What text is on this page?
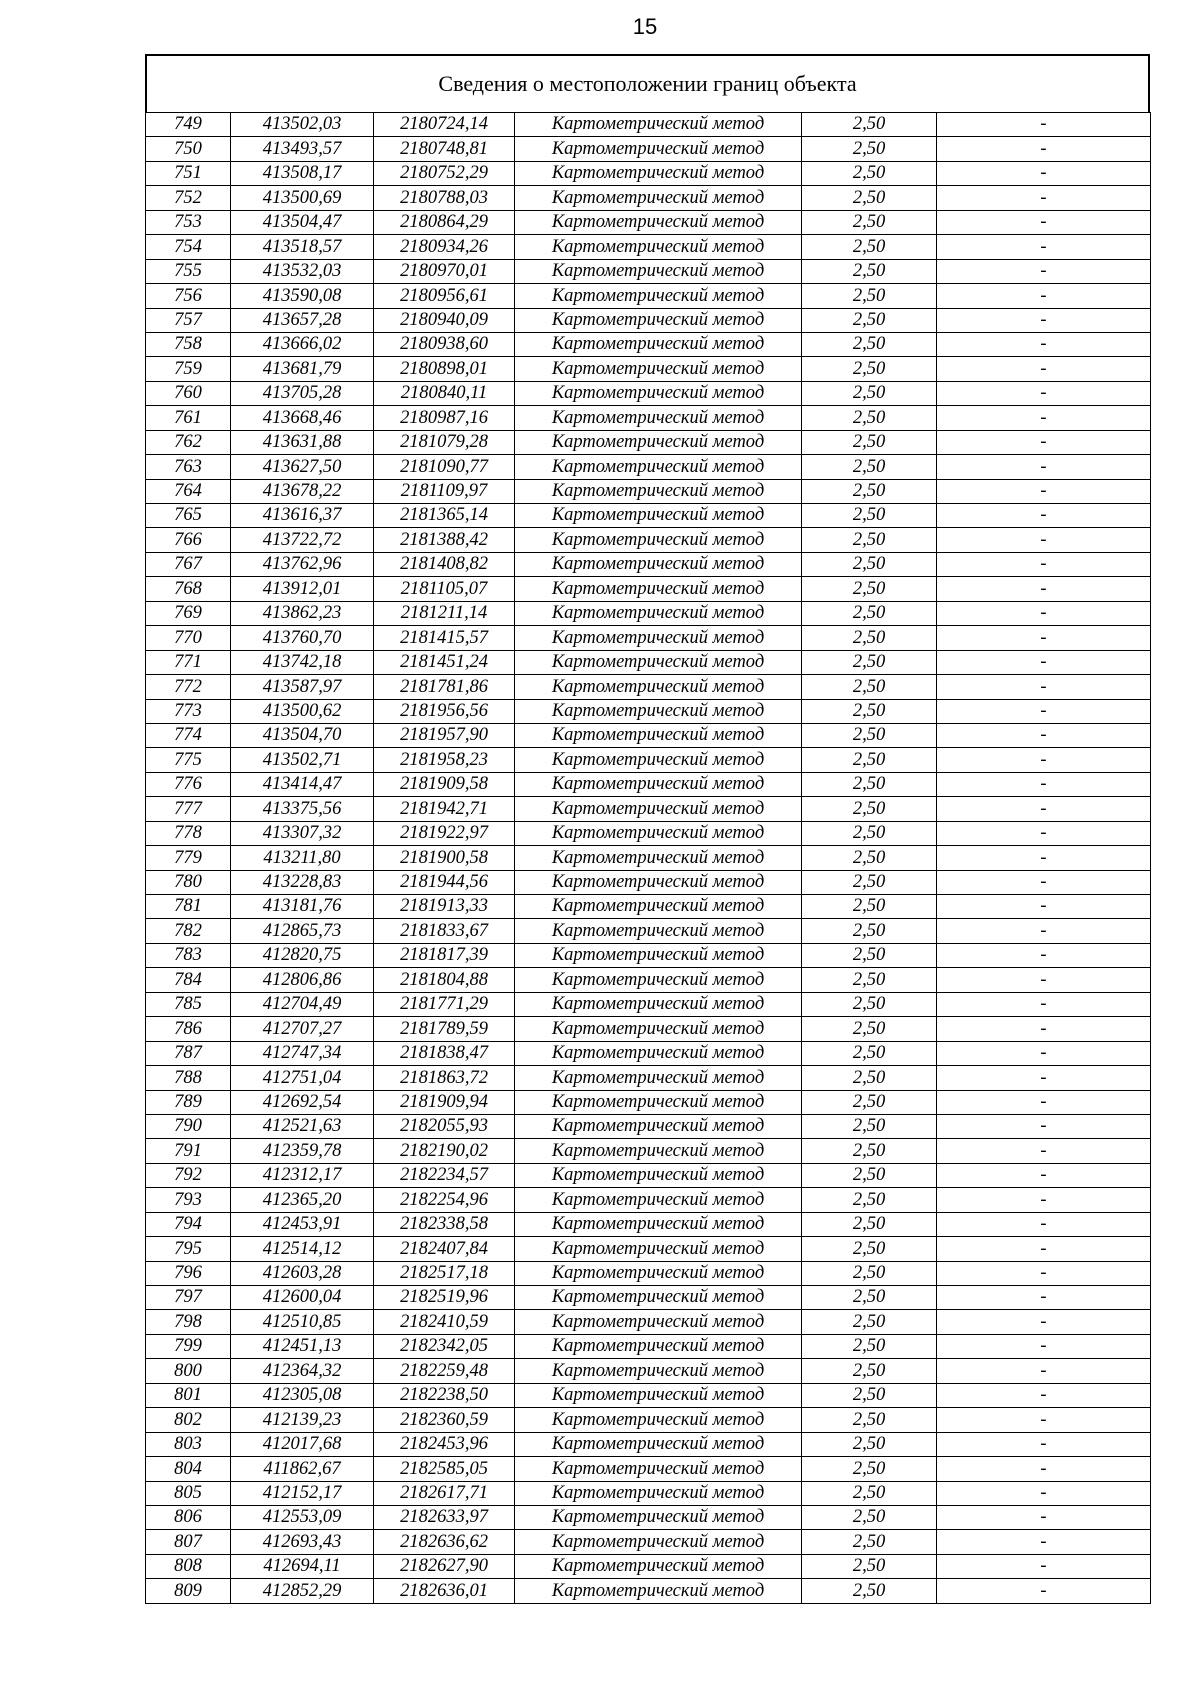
15
Сведения о местоположении границ объекта
749	413502,03	2180724,14	Картометрический метод	2,50	-
750	413493,57	2180748,81	Картометрический метод	2,50	-
751	413508,17	2180752,29	Картометрический метод	2,50	-
752	413500,69	2180788,03	Картометрический метод	2,50	-
753	413504,47	2180864,29	Картометрический метод	2,50	-
754	413518,57	2180934,26	Картометрический метод	2,50	-
755	413532,03	2180970,01	Картометрический метод	2,50	-
756	413590,08	2180956,61	Картометрический метод	2,50	-
757	413657,28	2180940,09	Картометрический метод	2,50	-
758	413666,02	2180938,60	Картометрический метод	2,50	-
759	413681,79	2180898,01	Картометрический метод	2,50	-
760	413705,28	2180840,11	Картометрический метод	2,50	-
761	413668,46	2180987,16	Картометрический метод	2,50	-
762	413631,88	2181079,28	Картометрический метод	2,50	-
763	413627,50	2181090,77	Картометрический метод	2,50	-
764	413678,22	2181109,97	Картометрический метод	2,50	-
765	413616,37	2181365,14	Картометрический метод	2,50	-
766	413722,72	2181388,42	Картометрический метод	2,50	-
767	413762,96	2181408,82	Картометрический метод	2,50	-
768	413912,01	2181105,07	Картометрический метод	2,50	-
769	413862,23	2181211,14	Картометрический метод	2,50	-
770	413760,70	2181415,57	Картометрический метод	2,50	-
771	413742,18	2181451,24	Картометрический метод	2,50	-
772	413587,97	2181781,86	Картометрический метод	2,50	-
773	413500,62	2181956,56	Картометрический метод	2,50	-
774	413504,70	2181957,90	Картометрический метод	2,50	-
775	413502,71	2181958,23	Картометрический метод	2,50	-
776	413414,47	2181909,58	Картометрический метод	2,50	-
777	413375,56	2181942,71	Картометрический метод	2,50	-
778	413307,32	2181922,97	Картометрический метод	2,50	-
779	413211,80	2181900,58	Картометрический метод	2,50	-
780	413228,83	2181944,56	Картометрический метод	2,50	-
781	413181,76	2181913,33	Картометрический метод	2,50	-
782	412865,73	2181833,67	Картометрический метод	2,50	-
783	412820,75	2181817,39	Картометрический метод	2,50	-
784	412806,86	2181804,88	Картометрический метод	2,50	-
785	412704,49	2181771,29	Картометрический метод	2,50	-
786	412707,27	2181789,59	Картометрический метод	2,50	-
787	412747,34	2181838,47	Картометрический метод	2,50	-
788	412751,04	2181863,72	Картометрический метод	2,50	-
789	412692,54	2181909,94	Картометрический метод	2,50	-
790	412521,63	2182055,93	Картометрический метод	2,50	-
791	412359,78	2182190,02	Картометрический метод	2,50	-
792	412312,17	2182234,57	Картометрический метод	2,50	-
793	412365,20	2182254,96	Картометрический метод	2,50	-
794	412453,91	2182338,58	Картометрический метод	2,50	-
795	412514,12	2182407,84	Картометрический метод	2,50	-
796	412603,28	2182517,18	Картометрический метод	2,50	-
797	412600,04	2182519,96	Картометрический метод	2,50	-
798	412510,85	2182410,59	Картометрический метод	2,50	-
799	412451,13	2182342,05	Картометрический метод	2,50	-
800	412364,32	2182259,48	Картометрический метод	2,50	-
801	412305,08	2182238,50	Картометрический метод	2,50	-
802	412139,23	2182360,59	Картометрический метод	2,50	-
803	412017,68	2182453,96	Картометрический метод	2,50	-
804	411862,67	2182585,05	Картометрический метод	2,50	-
805	412152,17	2182617,71	Картометрический метод	2,50	-
806	412553,09	2182633,97	Картометрический метод	2,50	-
807	412693,43	2182636,62	Картометрический метод	2,50	-
808	412694,11	2182627,90	Картометрический метод	2,50	-
809	412852,29	2182636,01	Картометрический метод	2,50	-
